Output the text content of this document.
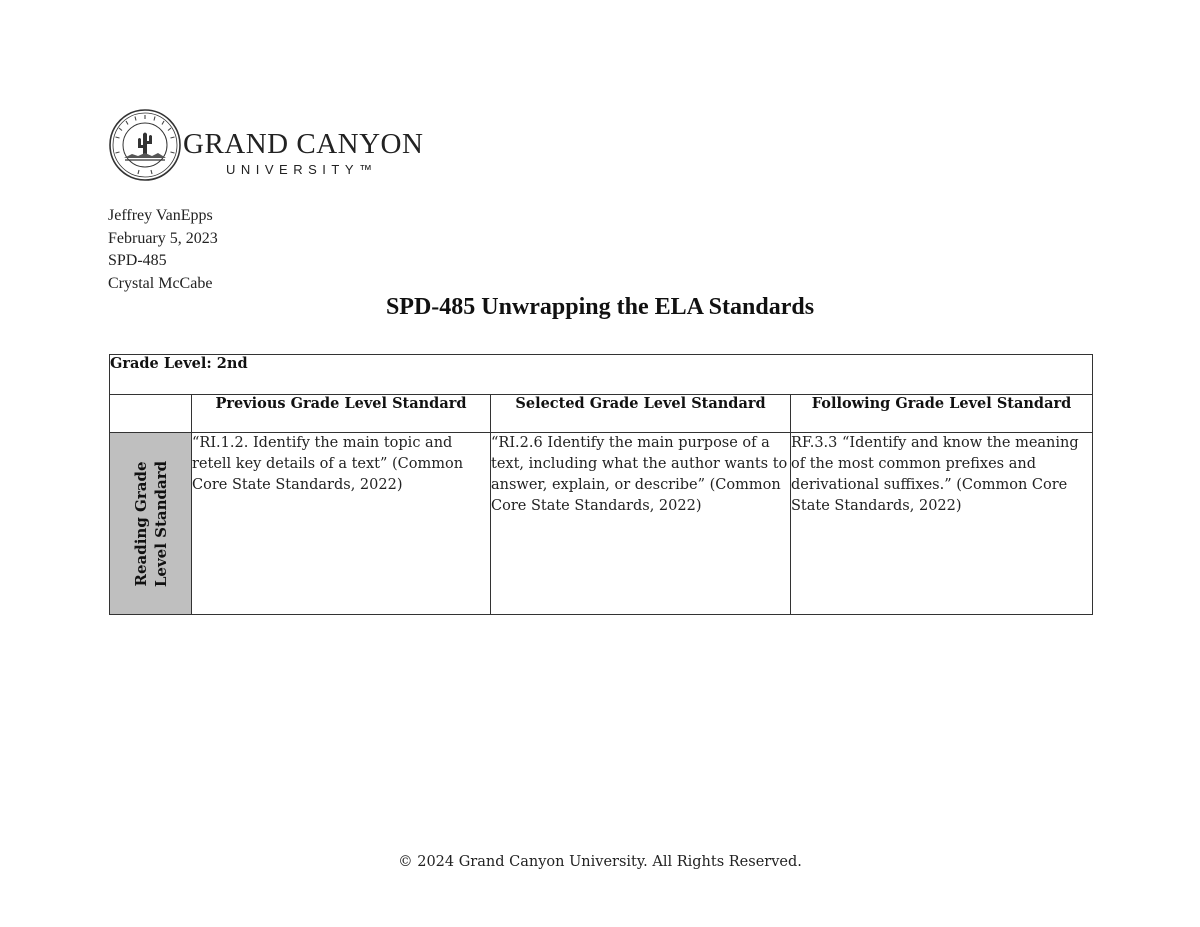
GRAND CANYON
UNIVERSITY™
Jeffrey VanEpps
February 5, 2023
SPD-485
Crystal McCabe
SPD-485 Unwrapping the ELA Standards
Grade Level: 2nd			
	Previous Grade Level Standard	Selected Grade Level Standard	Following Grade Level Standard

Reading Grade Level Standard	“RI.1.2. Identify the main topic and retell key details of a text” (Common Core State Standards, 2022)	“RI.2.6 Identify the main purpose of a text, including what the author wants to answer, explain, or describe” (Common Core State Standards, 2022)	RF.3.3 “Identify and know the meaning of the most common prefixes and derivational suffixes.” (Common Core State Standards, 2022)
© 2024 Grand Canyon University. All Rights Reserved.
